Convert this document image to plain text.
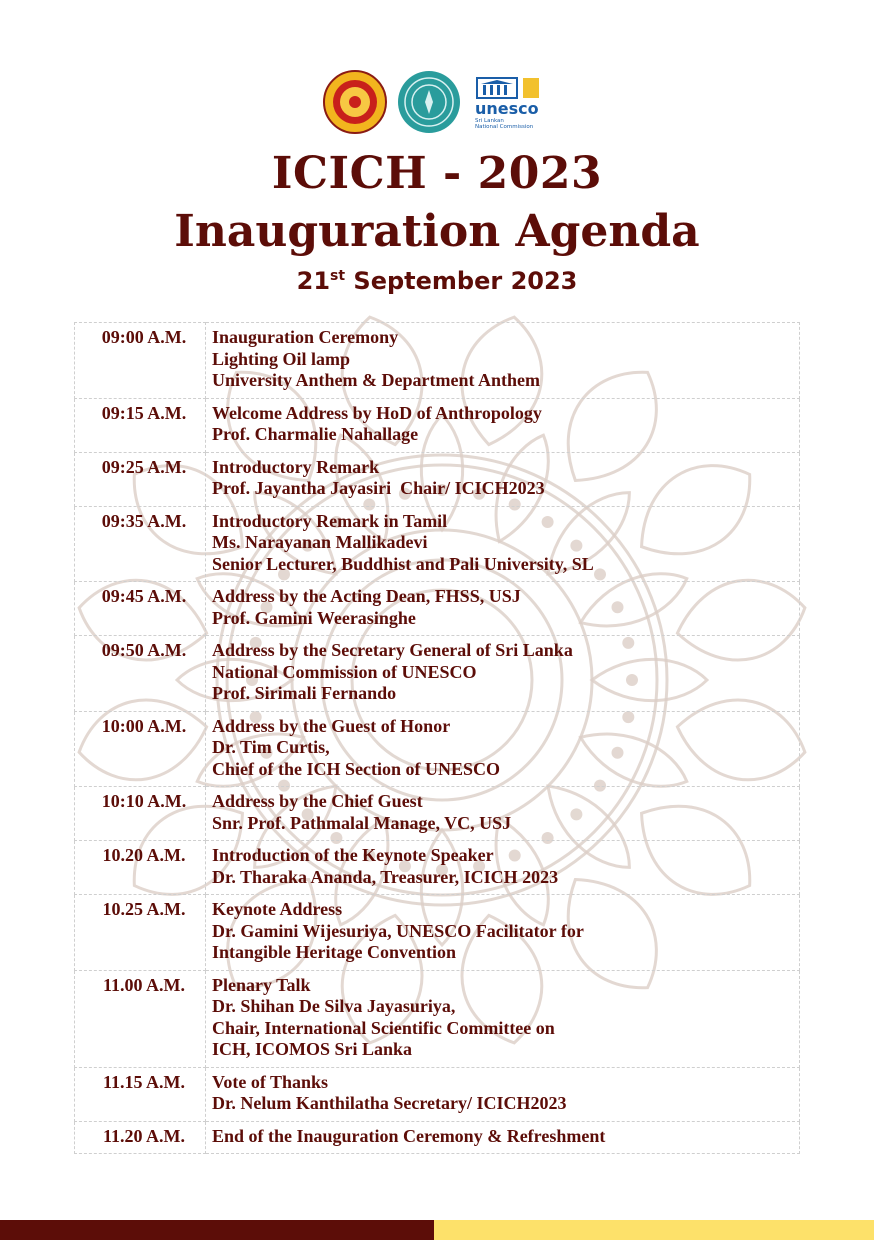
unesco
Sri Lankan
National Commission
ICICH - 2023
Inauguration Agenda
21st September 2023
09:00 A.M.	Inauguration Ceremony
Lighting Oil lamp
University Anthem & Department Anthem

09:15 A.M.	Welcome Address by HoD of Anthropology
Prof. Charmalie Nahallage

09:25 A.M.	Introductory Remark
Prof. Jayantha Jayasiri  Chair/ ICICH2023

09:35 A.M.	Introductory Remark in Tamil
Ms. Narayanan Mallikadevi
Senior Lecturer, Buddhist and Pali University, SL

09:45 A.M.	Address by the Acting Dean, FHSS, USJ
Prof. Gamini Weerasinghe

09:50 A.M.	Address by the Secretary General of Sri Lanka
National Commission of UNESCO
Prof. Sirimali Fernando

10:00 A.M.	Address by the Guest of Honor
Dr. Tim Curtis,
Chief of the ICH Section of UNESCO

10:10 A.M.	Address by the Chief Guest
Snr. Prof. Pathmalal Manage, VC, USJ

10.20 A.M.	Introduction of the Keynote Speaker
Dr. Tharaka Ananda, Treasurer, ICICH 2023

10.25 A.M.	Keynote Address
Dr. Gamini Wijesuriya, UNESCO Facilitator for
Intangible Heritage Convention

11.00 A.M.	Plenary Talk
Dr. Shihan De Silva Jayasuriya,
Chair, International Scientific Committee on
ICH, ICOMOS Sri Lanka

11.15 A.M.	Vote of Thanks
Dr. Nelum Kanthilatha Secretary/ ICICH2023

11.20 A.M.	End of the Inauguration Ceremony & Refreshment
